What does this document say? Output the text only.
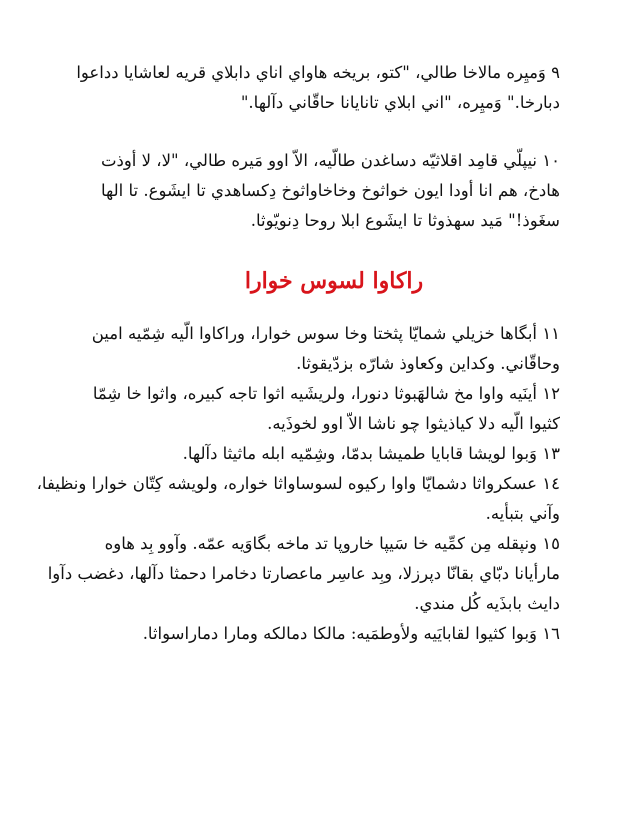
٩ وَمیِره مالاخا طالي، "كتو، بريخه هاواي اناي دابلاي قريه لعاشايا دداعوا
دبارخا." وَمیِره، "اني ابلاي تانايانا حاقّاني دآلها."
١٠ نيپلّي قامِد اقلاثيّه دساغدن طالّيه، الاّ اوو مَيره طالي، "لا، لا أوذت
هادخ، هم انا أودا ايون خواثوخ وخاخاواثوخ دِكساهدي تا ايشَوع. تا الها
سغَوذ!" مَيد سهذوثا تا ايشَوع ابلا روحا دِنويّوثا.
راكاوا لسوس خوارا
١١ أبگاها خزيلي شمايّا پثختا وخا سوس خوارا، وراكاوا الّيه شِمّيه امين
وحاقّاني. وكداين وكعاوذ شارّه بزدّيقوثا.
١٢ أينَيه واوا مخ شالهَبوثا دنورا، ولريشَيه اثوا تاجه كبيره، واثوا خا شِمّا
كثيوا الّيه دلا كياذيثوا چو ناشا الاّ اوو لخوذَيه.
١٣ وَبوا لويشا قابايا طميشا بدمّا، وشِمّيه ابله ماثيثا دآلها.
١٤ عسكرواثا دشمايّا واوا ركيوه لسوساواثا خواره، ولويشه كِتّان خوارا ونظيفا،
وآني بتبأيه.
١٥ ونپقله مِن كمِّيه خا سَيپا خاروپا تد ماخه بگاوَيه عمّه. وآوو بِد هاوه
مارأيانا دبّاي بقانّا دپرزلا، وبِد عاسِر ماعصارتا دخامرا دحمثا دآلها، دغضب دآوا
دايث بابذَيه كُل مندي.
١٦ وَبوا كثيوا لقابايَيه ولأوطمَيه: مالكا دمالكه ومارا دماراسواثا.
